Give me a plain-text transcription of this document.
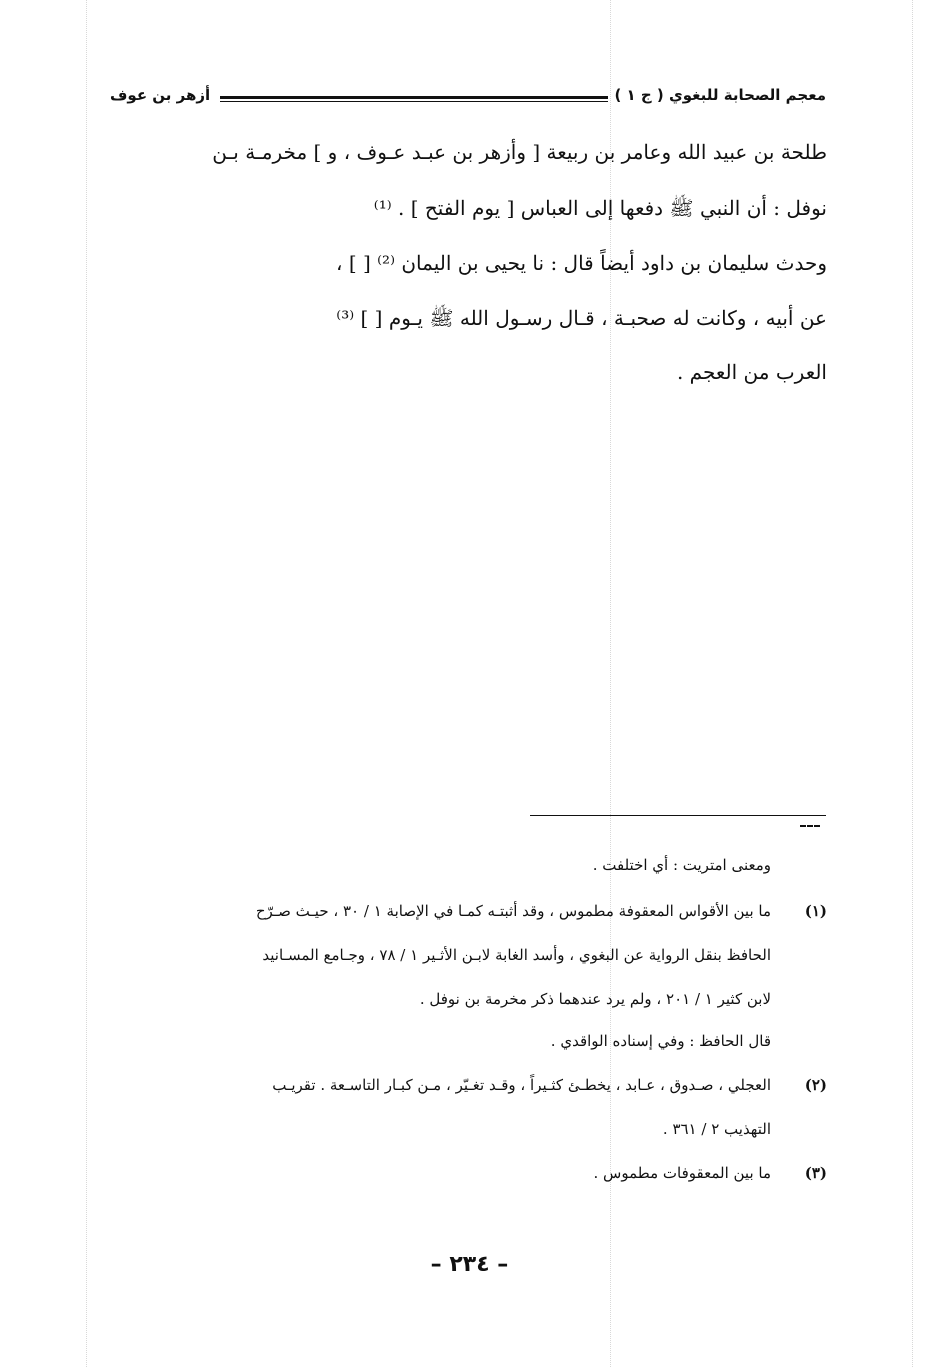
معجم الصحابة للبغوي ( ج ١ )
أزهر بن عوف
طلحة بن عبيد الله وعامر بن ربيعة [ وأزهر بن عبـد عـوف ، و ] مخرمـة بـن
نوفل : أن النبي ﷺ دفعها إلى العباس [ يوم الفتح ] . ⁽¹⁾
وحدث سليمان بن داود أيضاً قال : نا يحيى بن اليمان ⁽²⁾ [ ] ،
عن أبيه ، وكانت له صحبـة ، قـال رسـول الله ﷺ يـوم [ ] ⁽³⁾
العرب من العجم .
ومعنى امتريت : أي اختلفت .
(١)
ما بين الأقواس المعقوفة مطموس ، وقد أثبتـه كمـا في الإصابة ١ / ٣٠ ، حيـث صـرّح
الحافظ بنقل الرواية عن البغوي ، وأسد الغابة لابـن الأثـير ١ / ٧٨ ، وجـامع المسـانيد
لابن كثير ١ / ٢٠١ ، ولم يرد عندهما ذكر مخرمة بن نوفل .
قال الحافظ : وفي إسناده الواقدي .
(٢)
العجلي ، صـدوق ، عـابد ، يخطـئ كثـيراً ، وقـد تغـيّر ، مـن كبـار التاسـعة . تقريـب
التهذيب ٢ / ٣٦١ .
(٣)
ما بين المعقوفات مطموس .
– ٢٣٤ –
